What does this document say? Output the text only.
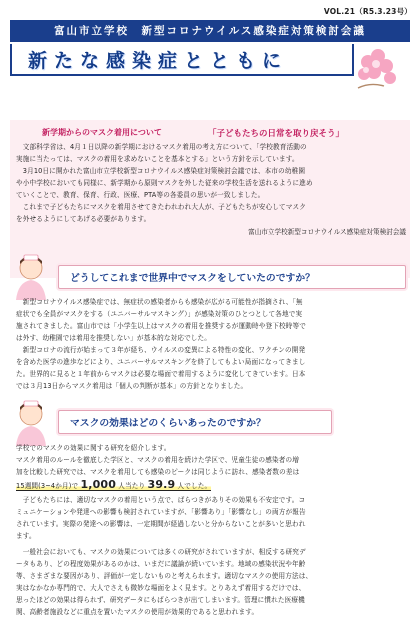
VOL.21（R5.3.23号）
富山市立学校　新型コロナウイルス感染症対策検討会議
新たな感染症とともに
新学期からのマスク着用について	「子どもたちの日常を取り戻そう」
　文部科学省は、4月１日以降の新学期におけるマスク着用の考え方について、「学校教育活動の
実施に当たっては、マスクの着用を求めないことを基本とする」という方針を示しています。
　3月10日に開かれた富山市立学校新型コロナウイルス感染症対策検討会議では、本市の幼稚園
や小中学校においても同様に、新学期から原則マスクを外した従来の学校生活を送れるように進め
ていくことで、教育、保育、行政、医療、PTA等の各委員の思いが一致しました。
　これまで子どもたちにマスクを着用させてきたわれわれ大人が、子どもたちが安心してマスク
を外せるようにしてあげる必要があります。
富山市立学校新型コロナウイルス感染症対策検討会議
どうしてこれまで世界中でマスクをしていたのですか？
　新型コロナウイルス感染症では、無症状の感染者からも感染が広がる可能性が指摘され、「無
症状でも全員がマスクをする（ユニバーサルマスキング）」が感染対策のひとつとして各地で実
施されてきました。富山市では「小学生以上はマスクの着用を推奨するが運動時や登下校時等で
は外す、幼稚園では着用を推奨しない」が基本的な対応でした。
　新型コロナの流行が始まって３年が経ち、ウイルスの変異による特性の変化、ワクチンの開発
を含めた医学の進歩などにより、ユニバーサルマスキングを終了してもよい局面になってきまし
た。世界的に見ると１年前からマスクは必要な場面で着用するように変化してきています。日本
では３月13日からマスク着用は「個人の判断が基本」の方針となりました。
マスクの効果はどのくらいあったのですか？
学校でのマスクの効果に関する研究を紹介します。
マスク着用のルールを徹底した学区と、マスクの着用を続けた学区で、児童生徒の感染者の増
加を比較した研究では、マスクを着用しても感染のピークは同じように訪れ、感染者数の差は
15週間(3~4か月)で 1,000 人当たり 39.9 人でした。
　子どもたちには、適切なマスクの着用という点で、ばらつきがありその効果も不安定です。コ
ミュニケーションや発達への影響も検討されていますが、「影響あり」「影響なし」の両方が報告
されています。実際の発達への影響は、一定期間が経過しないと分からないことが多いと思われ
ます。
　一般社会においても、マスクの効果については多くの研究がされていますが、相反する研究デ
ータもあり、どの程度効果があるのかは、いまだに議論が続いています。地域の感染状況や年齢
等、さまざまな要因があり、評価が一定しないものと考えられます。適切なマスクの使用方法は、
実はなかなか専門的で、大人でさえも微妙な場面をよく見ます。とりあえず着用するだけでは、
思ったほどの効果は得られず、研究データにもばらつきが出てしまいます。管理に慣れた医療機
関、高齢者施設などに重点を置いたマスクの使用が効果的であると思われます。
